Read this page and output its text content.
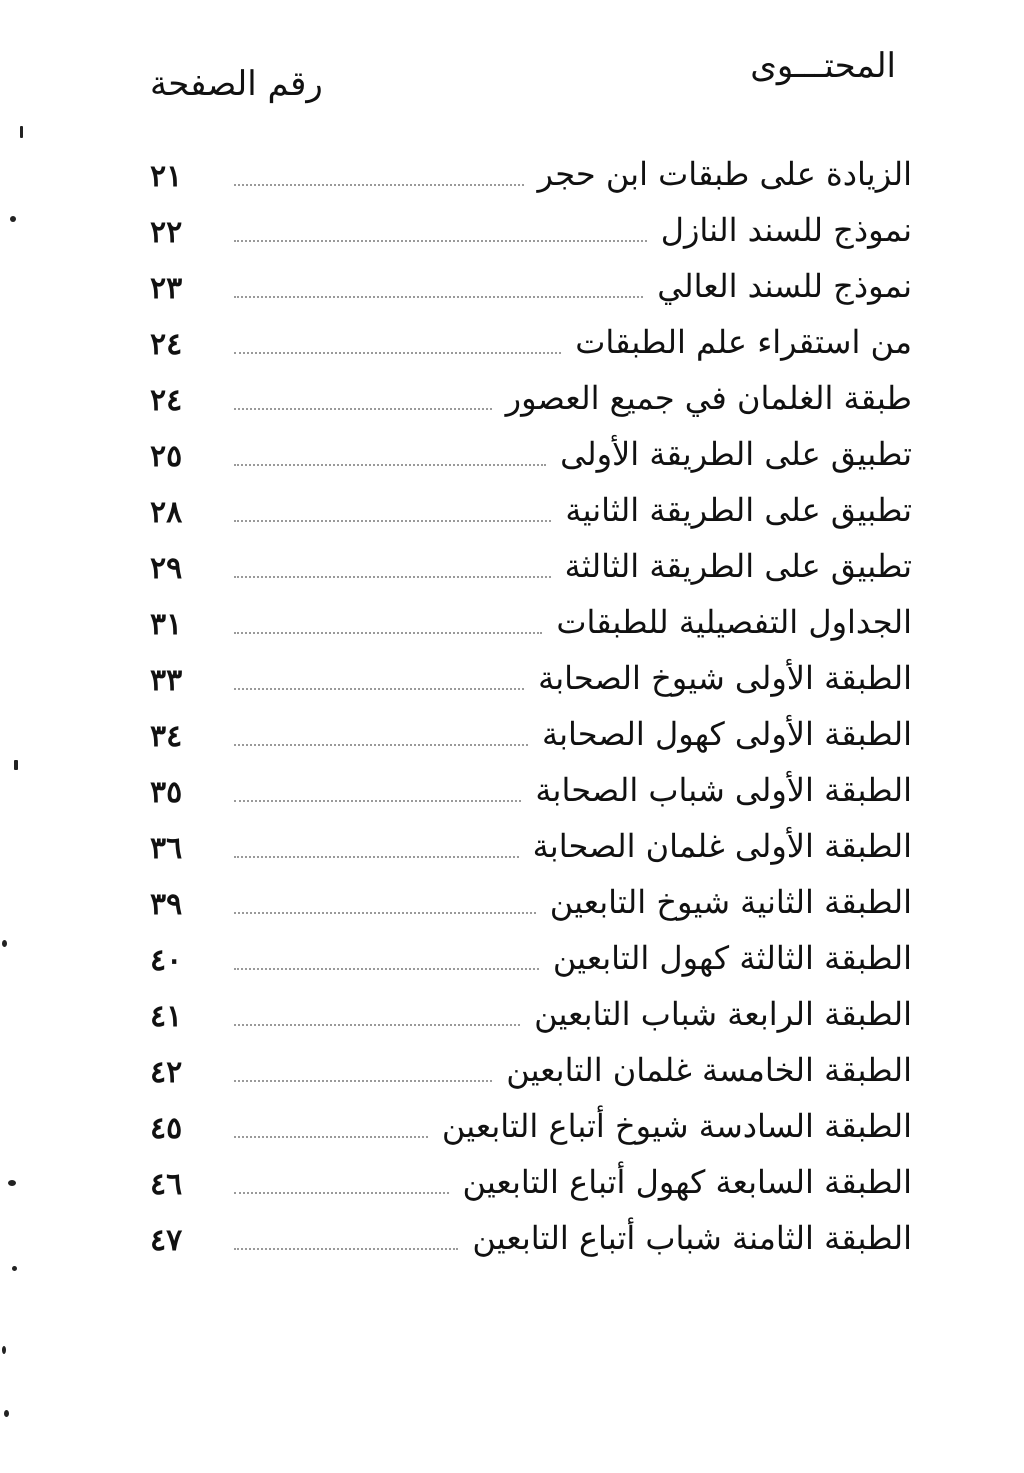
المحتـــوى
رقم الصفحة
الزيادة على طبقات ابن حجر
٢١
نموذج للسند النازل
٢٢
نموذج للسند العالي
٢٣
من استقراء علم الطبقات
٢٤
طبقة الغلمان في جميع العصور
٢٤
تطبيق على الطريقة الأولى
٢٥
تطبيق على الطريقة الثانية
٢٨
تطبيق على الطريقة الثالثة
٢٩
الجداول التفصيلية للطبقات
٣١
الطبقة الأولى شيوخ الصحابة
٣٣
الطبقة الأولى كهول الصحابة
٣٤
الطبقة الأولى شباب الصحابة
٣٥
الطبقة الأولى غلمان الصحابة
٣٦
الطبقة الثانية شيوخ التابعين
٣٩
الطبقة الثالثة كهول التابعين
٤٠
الطبقة الرابعة شباب التابعين
٤١
الطبقة الخامسة غلمان التابعين
٤٢
الطبقة السادسة شيوخ أتباع التابعين
٤٥
الطبقة السابعة كهول أتباع التابعين
٤٦
الطبقة الثامنة شباب أتباع التابعين
٤٧
